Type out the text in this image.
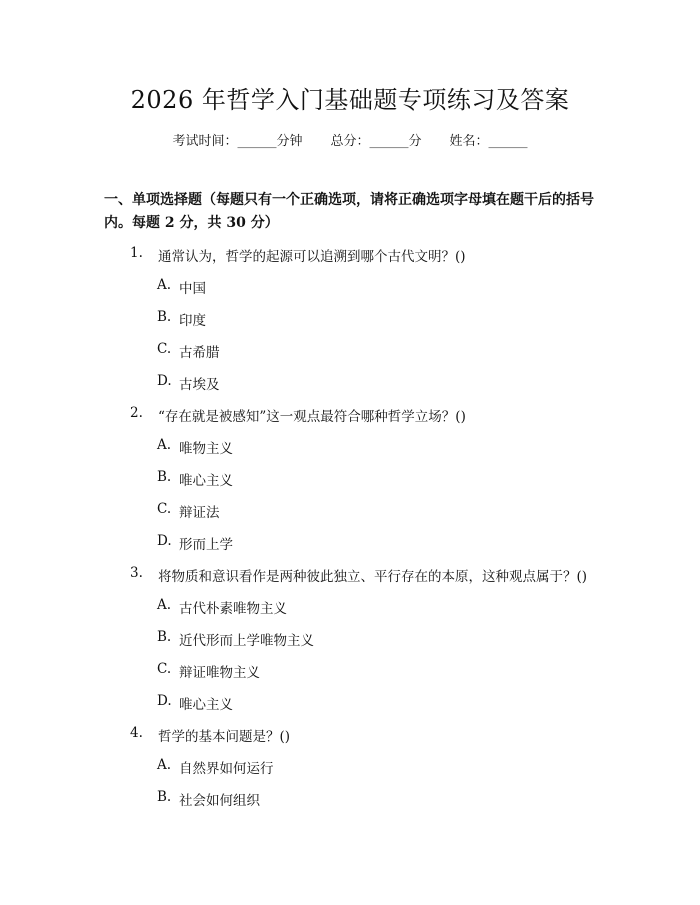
2026 年哲学入门基础题专项练习及答案
考试时间：______分钟 总分：______分 姓名：______
一、单项选择题（每题只有一个正确选项，请将正确选项字母填在题干后的括号内。每题 2 分，共 30 分）
1. 通常认为，哲学的起源可以追溯到哪个古代文明？()
A. 中国
B. 印度
C. 古希腊
D. 古埃及
2. “存在就是被感知”这一观点最符合哪种哲学立场？()
A. 唯物主义
B. 唯心主义
C. 辩证法
D. 形而上学
3. 将物质和意识看作是两种彼此独立、平行存在的本原，这种观点属于？()
A. 古代朴素唯物主义
B. 近代形而上学唯物主义
C. 辩证唯物主义
D. 唯心主义
4. 哲学的基本问题是？()
A. 自然界如何运行
B. 社会如何组织
